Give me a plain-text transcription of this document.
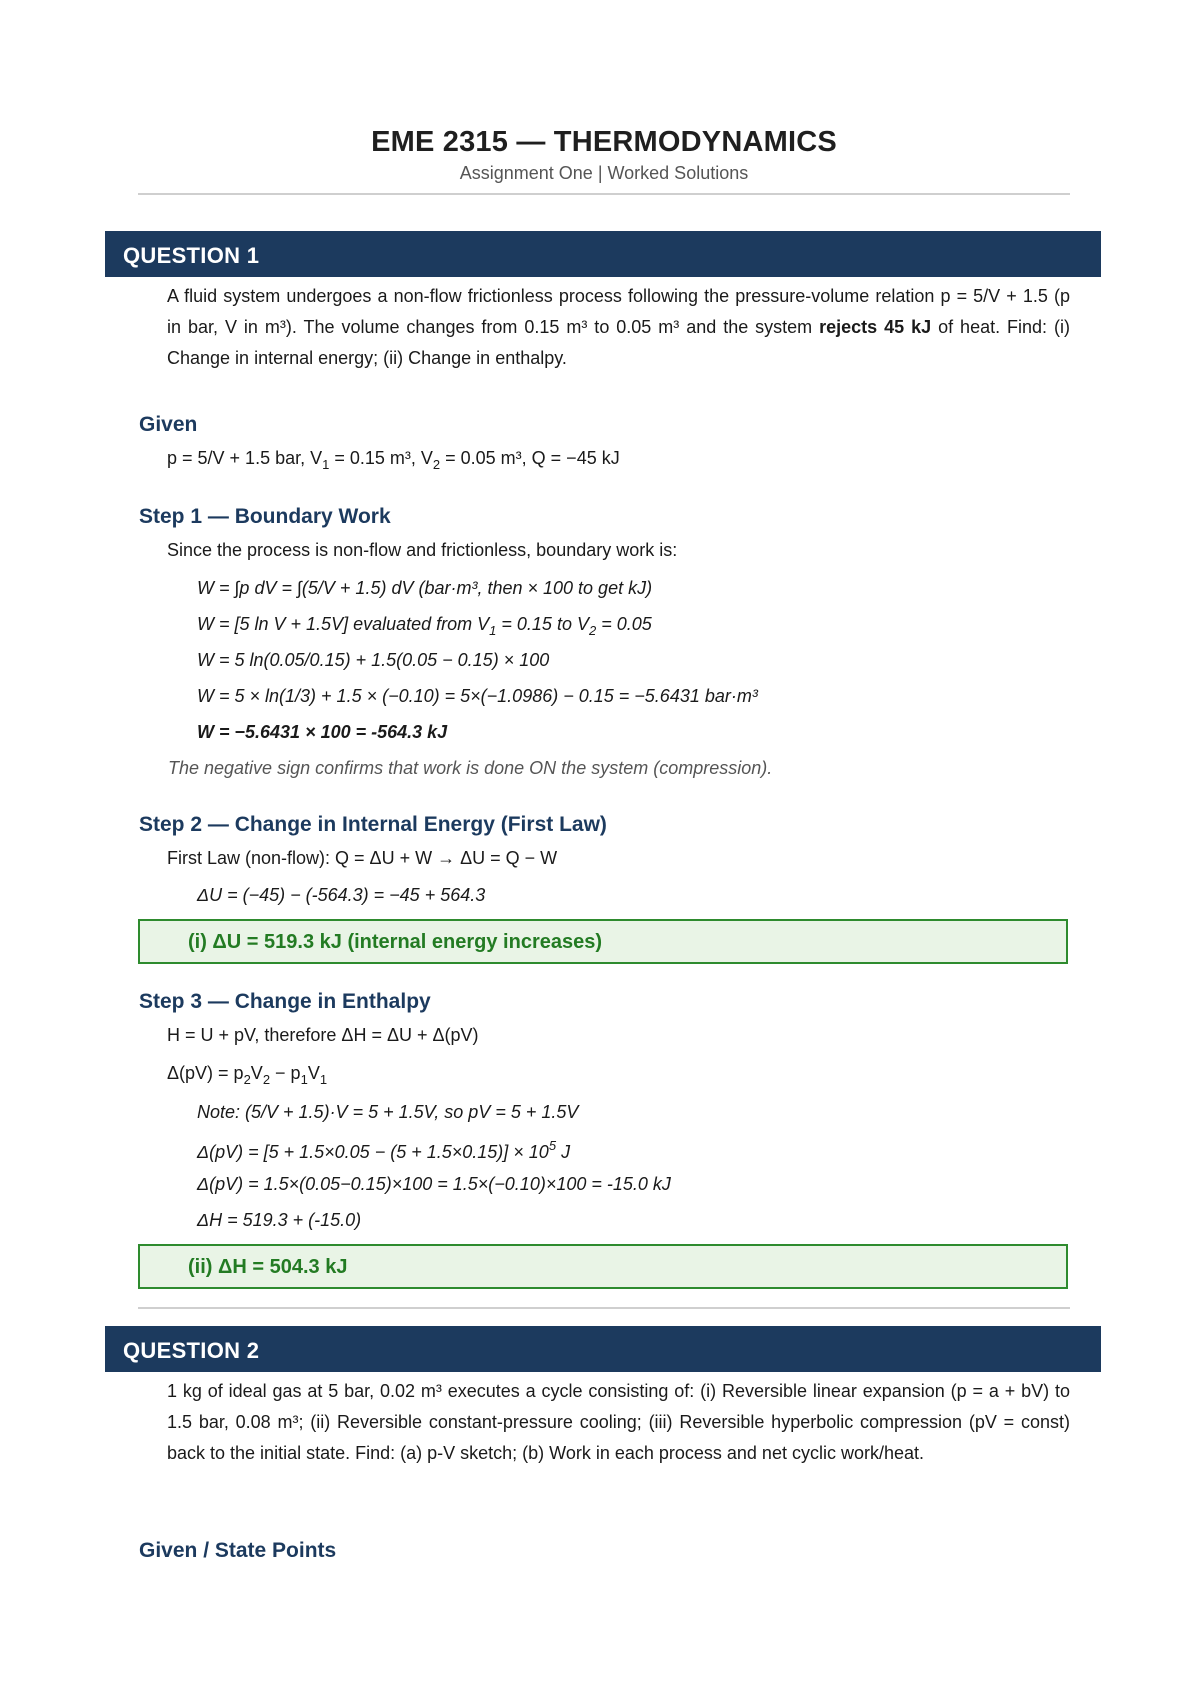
EME 2315 — THERMODYNAMICS
Assignment One | Worked Solutions
QUESTION 1
A fluid system undergoes a non-flow frictionless process following the pressure-volume relation p = 5/V + 1.5 (p in bar, V in m³). The volume changes from 0.15 m³ to 0.05 m³ and the system rejects 45 kJ of heat. Find: (i) Change in internal energy; (ii) Change in enthalpy.
Given
p = 5/V + 1.5 bar, $V_1 = 0.15$ m³, $V_2 = 0.05$ m³, Q = −45 kJ
Step 1 — Boundary Work
Since the process is non-flow and frictionless, boundary work is:
W = ∫p dV = ∫(5/V + 1.5) dV (bar·m³, then × 100 to get kJ)
W = [5 ln V + 1.5V] evaluated from $V_1 = 0.15$ to $V_2 = 0.05$
W = 5 ln(0.05/0.15) + 1.5(0.05 − 0.15) × 100
W = 5 × ln(1/3) + 1.5 × (−0.10) = 5×(−1.0986) − 0.15 = −5.6431 bar·m³
W = −5.6431 × 100 = -564.3 kJ
The negative sign confirms that work is done ON the system (compression).
Step 2 — Change in Internal Energy (First Law)
First Law (non-flow): Q = ΔU + W → ΔU = Q − W
ΔU = (−45) − (-564.3) = −45 + 564.3
(i) ΔU = 519.3 kJ (internal energy increases)
Step 3 — Change in Enthalpy
H = U + pV, therefore ΔH = ΔU + Δ(pV)
$\Delta(pV) = p_2V_2 - p_1V_1$
Note: (5/V + 1.5)·V = 5 + 1.5V, so pV = 5 + 1.5V
$\Delta(pV) = [5 + 1.5\times 0.05 - (5 + 1.5\times 0.15)] \times 10^5$ J
Δ(pV) = 1.5×(0.05−0.15)×100 = 1.5×(−0.10)×100 = -15.0 kJ
ΔH = 519.3 + (-15.0)
(ii) ΔH = 504.3 kJ
QUESTION 2
1 kg of ideal gas at 5 bar, 0.02 m³ executes a cycle consisting of: (i) Reversible linear expansion (p = a + bV) to 1.5 bar, 0.08 m³; (ii) Reversible constant-pressure cooling; (iii) Reversible hyperbolic compression (pV = const) back to the initial state. Find: (a) p-V sketch; (b) Work in each process and net cyclic work/heat.
Given / State Points
